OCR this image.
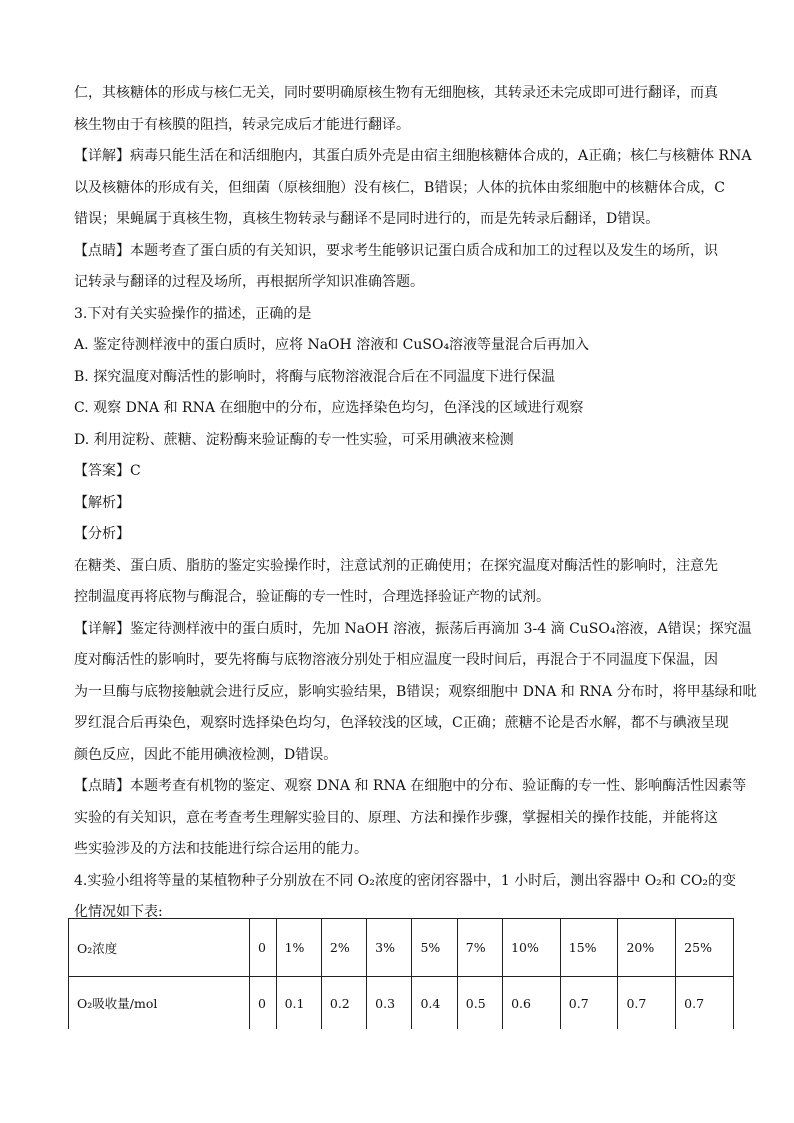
仁，其核糖体的形成与核仁无关，同时要明确原核生物有无细胞核，其转录还未完成即可进行翻译，而真

核生物由于有核膜的阻挡，转录完成后才能进行翻译。

【详解】病毒只能生活在和活细胞内，其蛋白质外壳是由宿主细胞核糖体合成的，A正确；核仁与核糖体 RNA

以及核糖体的形成有关，但细菌（原核细胞）没有核仁，B错误；人体的抗体由浆细胞中的核糖体合成，C

错误；果蝇属于真核生物，真核生物转录与翻译不是同时进行的，而是先转录后翻译，D错误。

【点睛】本题考查了蛋白质的有关知识，要求考生能够识记蛋白质合成和加工的过程以及发生的场所，识

记转录与翻译的过程及场所，再根据所学知识准确答题。

3.下对有关实验操作的描述，正确的是

A. 鉴定待测样液中的蛋白质时，应将 NaOH 溶液和 CuSO₄溶液等量混合后再加入

B. 探究温度对酶活性的影响时，将酶与底物溶液混合后在不同温度下进行保温

C. 观察 DNA 和 RNA 在细胞中的分布，应选择染色均匀，色泽浅的区域进行观察

D. 利用淀粉、蔗糖、淀粉酶来验证酶的专一性实验，可采用碘液来检测

【答案】C

【解析】

【分析】

在糖类、蛋白质、脂肪的鉴定实验操作时，注意试剂的正确使用；在探究温度对酶活性的影响时，注意先

控制温度再将底物与酶混合，验证酶的专一性时，合理选择验证产物的试剂。

【详解】鉴定待测样液中的蛋白质时，先加 NaOH 溶液，振荡后再滴加 3-4 滴 CuSO₄溶液，A错误；探究温

度对酶活性的影响时，要先将酶与底物溶液分别处于相应温度一段时间后，再混合于不同温度下保温，因

为一旦酶与底物接触就会进行反应，影响实验结果，B错误；观察细胞中 DNA 和 RNA 分布时，将甲基绿和吡

罗红混合后再染色，观察时选择染色均匀，色泽较浅的区域，C正确；蔗糖不论是否水解，都不与碘液呈现

颜色反应，因此不能用碘液检测，D错误。

【点睛】本题考查有机物的鉴定、观察 DNA 和 RNA 在细胞中的分布、验证酶的专一性、影响酶活性因素等

实验的有关知识，意在考查考生理解实验目的、原理、方法和操作步骤，掌握相关的操作技能，并能将这

些实验涉及的方法和技能进行综合运用的能力。

4.实验小组将等量的某植物种子分别放在不同 O₂浓度的密闭容器中，1 小时后，测出容器中 O₂和 CO₂的变

化情况如下表:

O₂浓度	0	1%	2%	3%	5%	7%	10%	15%	20%	25%
O₂吸收量/mol	0	0.1	0.2	0.3	0.4	0.5	0.6	0.7	0.7	0.7
